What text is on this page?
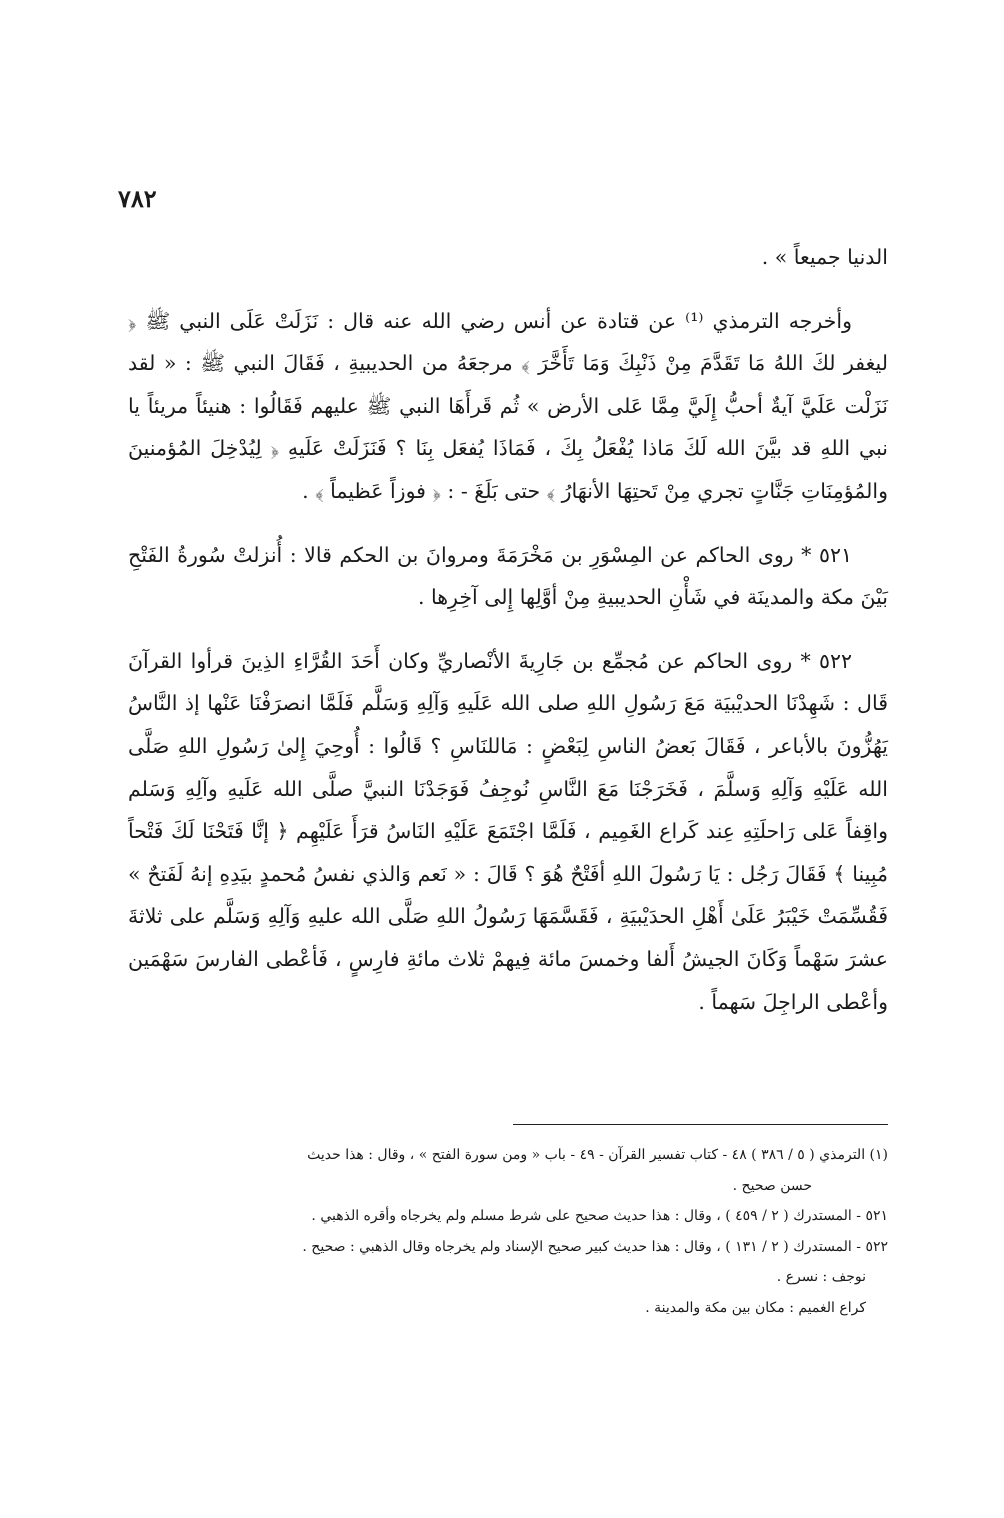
٧٨٢

الدنيا جميعاً » .

وأخرجه الترمذي ⁽¹⁾ عن قتادة عن أنس رضي الله عنه قال : نَزَلَتْ عَلَى النبي ﷺ ﴿ ليغفر لكَ اللهُ مَا تَقَدَّمَ مِنْ ذَنْبِكَ وَمَا تَأَخَّرَ ﴾ مرجعَهُ من الحديبيةِ ، فَقَالَ النبي ﷺ : « لقد نَزَلْت عَلَيَّ آيةٌ أحبُّ إِلَيَّ مِمَّا عَلى الأرض » ثُم قَرأَهَا النبي ﷺ عليهم فَقَالُوا : هنيئاً مريئاً يا نبي اللهِ قد بيَّنَ الله لَكَ مَاذا يُفْعَلُ بِكَ ، فَمَاذَا يُفعَل بِنَا ؟ فَنَزَلَتْ عَلَيهِ ﴿ لِيُدْخِلَ المُؤمنينَ والمُؤمِنَاتِ جَنَّاتٍ تجري مِنْ تَحتِهَا الأنهَارُ ﴾ حتى بَلَغَ - : ﴿ فوزاً عَظيماً ﴾ .

٥٢١ * روى الحاكم عن المِسْوَرِ بن مَخْرَمَةَ ومروانَ بن الحكم قالا : أُنزلتْ سُورةُ الفَتْحِ بَيْنَ مكة والمدينَة في شَأْنِ الحديبيةِ مِنْ أوَّلِها إِلى آخِرِها .

٥٢٢ * روى الحاكم عن مُجمِّع بن جَارِيةَ الأنْصاريِّ وكان أَحَدَ القُرَّاءِ الذِينَ قرأوا القرآنَ قَال : شَهِدْنَا الحديْبيَة مَعَ رَسُولِ اللهِ صلى الله عَلَيهِ وَآلِهِ وَسَلَّم فَلَمَّا انصرَفْنَا عَنْها إذ النَّاسُ يَهُزُّونَ بالأباعر ، فَقَالَ بَعضُ الناسِ لِبَعْضٍ : مَاللنَاسِ ؟ قَالُوا : أُوحِيَ إِلىٰ رَسُولِ اللهِ صَلَّى الله عَلَيْهِ وَآلِهِ وَسلَّمَ ، فَخَرَجْنَا مَعَ النَّاسِ نُوجِفُ فَوَجَدْنَا النبيَّ صلَّى الله عَلَيهِ وآلِهِ وَسَلم واقِفاً عَلى رَاحلَتِهِ عِند كَراع الغَمِيم ، فَلَمَّا اجْتَمَعَ عَلَيْهِ النَاسُ قرَأَ عَلَيْهِم ﴿ إنَّا فَتَحْنَا لَكَ فَتْحاً مُبِينا ﴾ فَقَالَ رَجُل : يَا رَسُولَ اللهِ أفَتْحٌ هُوَ ؟ قَالَ : « نَعم وَالذي نفسُ مُحمدٍ بيَدِهِ إنهُ لَفَتحٌ » فَقُسِّمَتْ خَيْبَرُ عَلَىٰ أَهْلِ الحدَيْبيَةِ ، فَقَسَّمَهَا رَسُولُ اللهِ صَلَّى الله عليهِ وَآلِهِ وَسَلَّم على ثلاثةَ عشرَ سَهْماً وَكَانَ الجيشُ أَلفا وخمسَ مائة فِيهمْ ثلاث مائةِ فارِسٍ ، فَأعْطى الفارسَ سَهْمَين وأعْطى الراجِلَ سَهماً .

(١) الترمذي ( ٥ / ٣٨٦ ) ٤٨ - كتاب تفسير القرآن - ٤٩ - باب « ومن سورة الفتح » ، وقال : هذا حديث

حسن صحيح .

٥٢١ - المستدرك ( ٢ / ٤٥٩ ) ، وقال : هذا حديث صحيح على شرط مسلم ولم يخرجاه وأقره الذهبي .

٥٢٢ - المستدرك ( ٢ / ١٣١ ) ، وقال : هذا حديث كبير صحيح الإسناد ولم يخرجاه وقال الذهبي : صحيح .

نوجف : نسرع .

كراع الغميم : مكان بين مكة والمدينة .
